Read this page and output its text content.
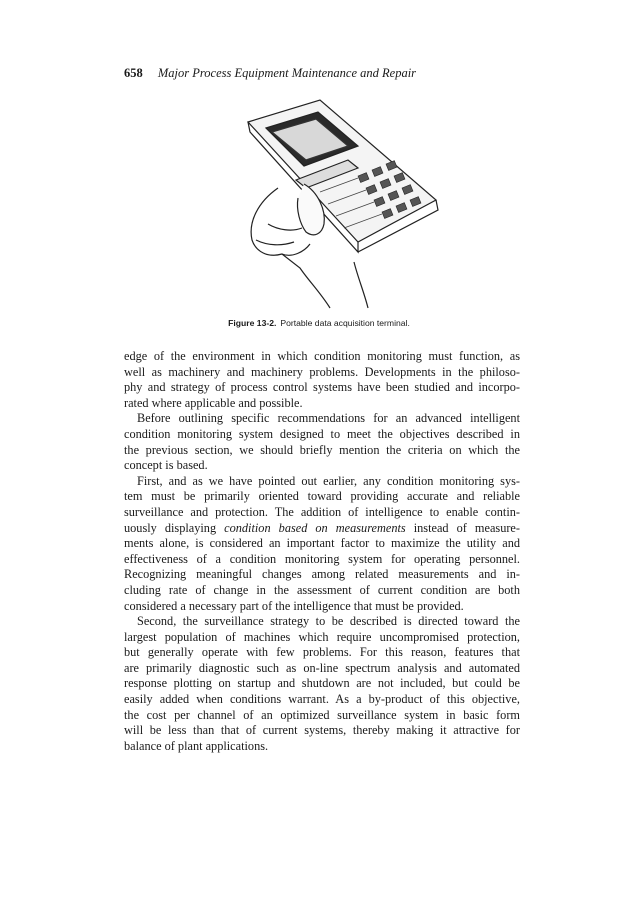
658 Major Process Equipment Maintenance and Repair
Figure 13-2. Portable data acquisition terminal.

edge of the environment in which condition monitoring must function, as
well as machinery and machinery problems. Developments in the philoso-
phy and strategy of process control systems have been studied and incorpo-
rated where applicable and possible.

Before outlining specific recommendations for an advanced intelligent
condition monitoring system designed to meet the objectives described in
the previous section, we should briefly mention the criteria on which the
concept is based.

First, and as we have pointed out earlier, any condition monitoring sys-
tem must be primarily oriented toward providing accurate and reliable
surveillance and protection. The addition of intelligence to enable contin-
uously displaying condition based on measurements instead of measure-
ments alone, is considered an important factor to maximize the utility and
effectiveness of a condition monitoring system for operating personnel.
Recognizing meaningful changes among related measurements and in-
cluding rate of change in the assessment of current condition are both
considered a necessary part of the intelligence that must be provided.

Second, the surveillance strategy to be described is directed toward the
largest population of machines which require uncompromised protection,
but generally operate with few problems. For this reason, features that
are primarily diagnostic such as on-line spectrum analysis and automated
response plotting on startup and shutdown are not included, but could be
easily added when conditions warrant. As a by-product of this objective,
the cost per channel of an optimized surveillance system in basic form
will be less than that of current systems, thereby making it attractive for
balance of plant applications.
